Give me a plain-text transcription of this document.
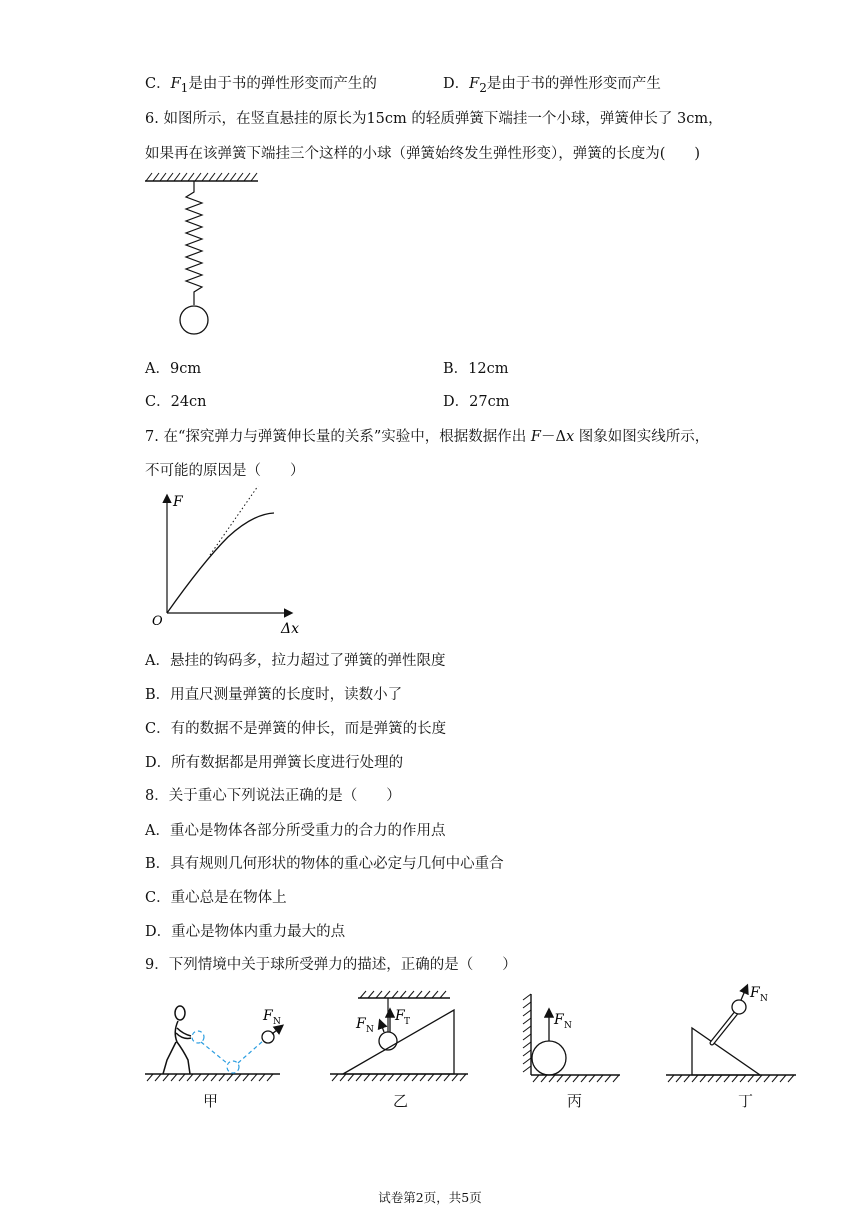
C．$F_1$是由于书的弹性形变而产生的	D．$F_2$是由于书的弹性形变而产生
6. 如图所示，在竖直悬挂的原长为15cm 的轻质弹簧下端挂一个小球，弹簧伸长了 3cm，
如果再在该弹簧下端挂三个这样的小球（弹簧始终发生弹性形变），弹簧的长度为(　　)
A．9cm	B．12cm
C．24cn	D．27cm
7. 在“探究弹力与弹簧伸长量的关系”实验中，根据数据作出 F－Δx 图象如图实线所示，
不可能的原因是（　　）
F
Δx
O
A．悬挂的钩码多，拉力超过了弹簧的弹性限度
B．用直尺测量弹簧的长度时，读数小了
C．有的数据不是弹簧的伸长，而是弹簧的长度
D．所有数据都是用弹簧长度进行处理的
8．关于重心下列说法正确的是（　　）
A．重心是物体各部分所受重力的合力的作用点
B．具有规则几何形状的物体的重心必定与几何中心重合
C．重心总是在物体上
D．重心是物体内重力最大的点
9．下列情境中关于球所受弹力的描述，正确的是（　　）
F N	F T
F N
F N
F N
甲	乙	丙	丁
试卷第2页，共5页
